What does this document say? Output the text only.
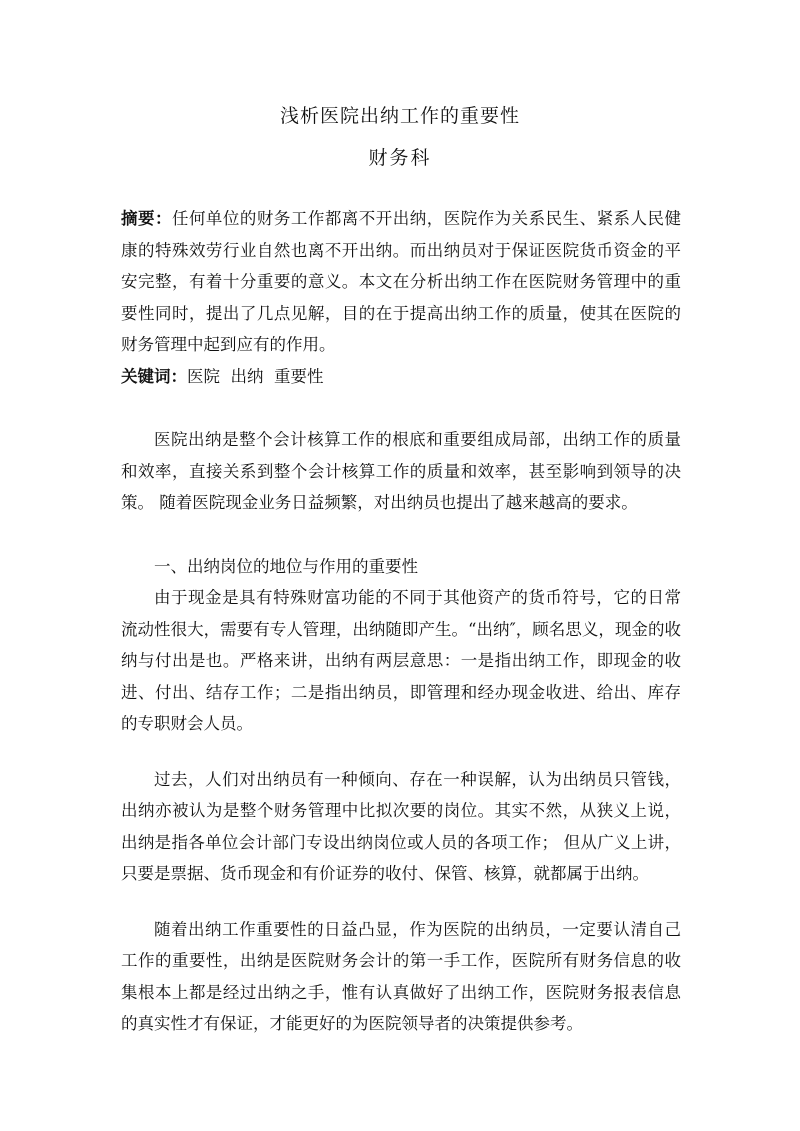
浅析医院出纳工作的重要性
财务科

摘要：任何单位的财务工作都离不开出纳，医院作为关系民生、紧系人民健康的特殊效劳行业自然也离不开出纳。而出纳员对于保证医院货币资金的平安完整，有着十分重要的意义。本文在分析出纳工作在医院财务管理中的重要性同时，提出了几点见解，目的在于提高出纳工作的质量，使其在医院的财务管理中起到应有的作用。

关键词：医院  出纳  重要性

医院出纳是整个会计核算工作的根底和重要组成局部，出纳工作的质量和效率，直接关系到整个会计核算工作的质量和效率，甚至影响到领导的决策。 随着医院现金业务日益频繁，对出纳员也提出了越来越高的要求。

一、出纳岗位的地位与作用的重要性

由于现金是具有特殊财富功能的不同于其他资产的货币符号，它的日常流动性很大，需要有专人管理，出纳随即产生。“出纳″，顾名思义，现金的收纳与付出是也。严格来讲，出纳有两层意思：一是指出纳工作，即现金的收进、付出、结存工作；二是指出纳员，即管理和经办现金收进、给出、库存的专职财会人员。

过去，人们对出纳员有一种倾向、存在一种误解，认为出纳员只管钱，出纳亦被认为是整个财务管理中比拟次要的岗位。其实不然，从狭义上说，出纳是指各单位会计部门专设出纳岗位或人员的各项工作； 但从广义上讲，只要是票据、货币现金和有价证券的收付、保管、核算，就都属于出纳。

随着出纳工作重要性的日益凸显，作为医院的出纳员，一定要认清自己工作的重要性，出纳是医院财务会计的第一手工作，医院所有财务信息的收集根本上都是经过出纳之手，惟有认真做好了出纳工作，医院财务报表信息的真实性才有保证，才能更好的为医院领导者的决策提供参考。
